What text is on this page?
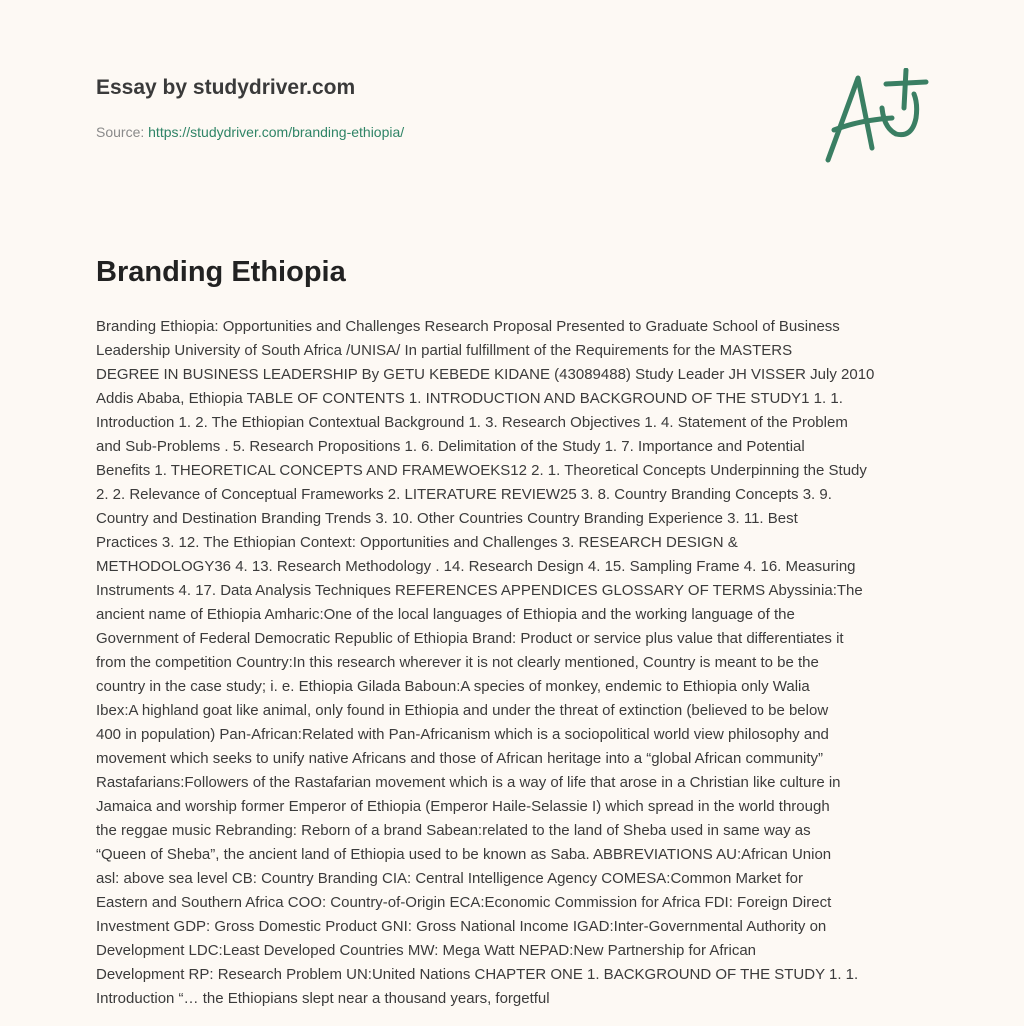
Essay by studydriver.com
Source: https://studydriver.com/branding-ethiopia/
Branding Ethiopia
Branding Ethiopia: Opportunities and Challenges Research Proposal Presented to Graduate School of Business
Leadership University of South Africa /UNISA/ In partial fulfillment of the Requirements for the MASTERS
DEGREE IN BUSINESS LEADERSHIP By GETU KEBEDE KIDANE (43089488) Study Leader JH VISSER July 2010
Addis Ababa, Ethiopia TABLE OF CONTENTS 1. INTRODUCTION AND BACKGROUND OF THE STUDY1 1. 1.
Introduction 1. 2. The Ethiopian Contextual Background 1. 3. Research Objectives 1. 4. Statement of the Problem
and Sub-Problems . 5. Research Propositions 1. 6. Delimitation of the Study 1. 7. Importance and Potential
Benefits 1. THEORETICAL CONCEPTS AND FRAMEWOEKS12 2. 1. Theoretical Concepts Underpinning the Study
2. 2. Relevance of Conceptual Frameworks 2. LITERATURE REVIEW25 3. 8. Country Branding Concepts 3. 9.
Country and Destination Branding Trends 3. 10. Other Countries Country Branding Experience 3. 11. Best
Practices 3. 12. The Ethiopian Context: Opportunities and Challenges 3. RESEARCH DESIGN &
METHODOLOGY36 4. 13. Research Methodology . 14. Research Design 4. 15. Sampling Frame 4. 16. Measuring
Instruments 4. 17. Data Analysis Techniques REFERENCES APPENDICES GLOSSARY OF TERMS Abyssinia:The
ancient name of Ethiopia Amharic:One of the local languages of Ethiopia and the working language of the
Government of Federal Democratic Republic of Ethiopia Brand: Product or service plus value that differentiates it
from the competition Country:In this research wherever it is not clearly mentioned, Country is meant to be the
country in the case study; i. e. Ethiopia Gilada Baboun:A species of monkey, endemic to Ethiopia only Walia
Ibex:A highland goat like animal, only found in Ethiopia and under the threat of extinction (believed to be below
400 in population) Pan-African:Related with Pan-Africanism which is a sociopolitical world view philosophy and
movement which seeks to unify native Africans and those of African heritage into a “global African community”
Rastafarians:Followers of the Rastafarian movement which is a way of life that arose in a Christian like culture in
Jamaica and worship former Emperor of Ethiopia (Emperor Haile-Selassie I) which spread in the world through
the reggae music Rebranding: Reborn of a brand Sabean:related to the land of Sheba used in same way as
“Queen of Sheba”, the ancient land of Ethiopia used to be known as Saba. ABBREVIATIONS AU:African Union
asl: above sea level CB: Country Branding CIA: Central Intelligence Agency COMESA:Common Market for
Eastern and Southern Africa COO: Country-of-Origin ECA:Economic Commission for Africa FDI: Foreign Direct
Investment GDP: Gross Domestic Product GNI: Gross National Income IGAD:Inter-Governmental Authority on
Development LDC:Least Developed Countries MW: Mega Watt NEPAD:New Partnership for African
Development RP: Research Problem UN:United Nations CHAPTER ONE 1. BACKGROUND OF THE STUDY 1. 1.
Introduction “… the Ethiopians slept near a thousand years, forgetful
